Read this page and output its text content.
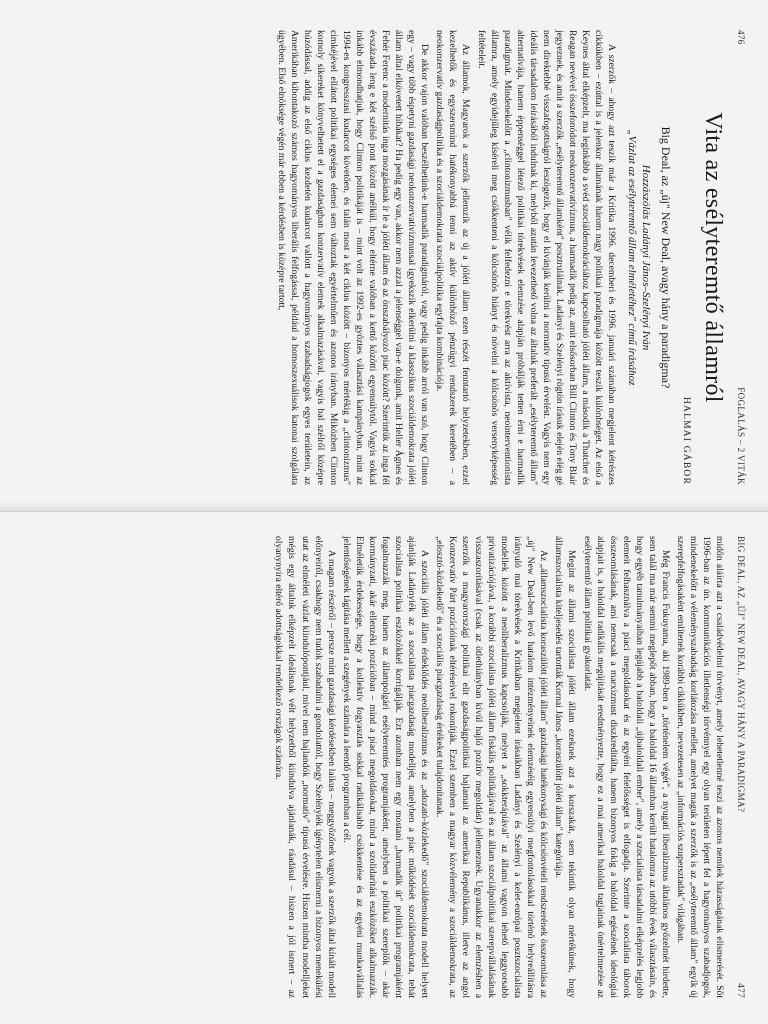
476
FOGLALÁS – 2 VITÁK
Vita az esélyteremtő államról
HALMAI GÁBOR
Big Deal, az „új" New Deal, avagy hány a paradigma?
Hozzászólás Ladányi János–Szelényi Iván
„Vázlat az esélyteremtő állam elméletéhez" című írásához

A szerzők – ahogy azt teszik már a Kritika 1996. decemberi és 1996. januári számában megjelent kétrészes cikkükben – ezúttal is a jelenkor államának három nagy politikai paradigmája között teszik különbséget. Az első a Keynes által elképzelt, ma leginkább a svéd szociáldemokráciához kapcsolható jóléti állam, a második a Thatcher és Reagan nevével összefonódott neokonzervativizmus, a harmadik pedig az, amit elsősorban Bill Clinton és Tony Blair jegyeznek, és amit a szerzők „esélyteremtő államként" posztrulálnak. Ladányi és Szelényi rögtön írásuk elején elég gé nem direktebbé visszafogottságról leszögezik, hogy el kívánják kerülni a normatív típusú érvelést. Vagyis nem egy ideális társadalom leírásából indulnak ki, melyből azután levezethető volna az általuk preferált „esélyteremtő állam" alternatívája, hanem éppenséggel létező politikai törekvések elemzése alapján próbálják tetten érni e harmadik paradigmát. Mindenekelőtt a „clintonizmusban" vélik felfedezni e törekvést arra az aktívista, neointerventionista államra, amely egyidejűleg kíséreli meg csökkenteni a kölcsönös hiányt és növelni a kölcsönös versenyképesség feltételeit.

Az államok, Magyarok a szerzők jellemzik az új a jóléti állam ezen részét fenntartó helyzetekben, ezzel kezelhetők és egyszersmind hatékonyabbá tenni az aktív különböző pénzügyi rendszerek keretében – a neokonzervatív gazdaságpolitika és a szociáldemokrata szociálpolitika egyfajta kombinációja.

De akkor vajon valóban beszélhetünk-e harmadik paradigmáról, vagy pedig inkább arról van szó, hogy Clinton egy – vagy több éspetyni gazdasági neokonzervativizmussal igyekszik elkerülni a klasszikus szociáldemokrata jóléti állam által elkövetett hibákat? Ha pedig egy van, akkor nem azzal a jelenséggel van-e dolgunk, amit Heller Ágnes és Fehér Ferenc a modernitás inga mozgásának ír le a jóléti állam és az önszabályozó piac között? Szerintük az inga fél évszázada leng e két szélső pont között anélkül, hogy eltérne valóban a kettő közötti egyensúlytól. Vagyis sokkal inkább elmondhatjuk, hogy Clinton politikáját is – mint volt az 1992-es győztes választási kampányban, mint az 1994-es kongresszusi kudarcot követően, és talán most a két ciklus között – bizonyos mértékig a „clintonizmus" cimkéjével ellátott politikai egységes elemei sem változtak egyértelműen és azonos irányban. Miközben Clinton komoly sikereket könyvelhetett el a gazdaságban konzervatív elemek alkalmazásával, vagyis bal szélről középre húzódással, addig az első ciklus kezdetén kudarcot vallott a hagyományos szabadságjogok egyes területein, az Amerikában kibontakozó számos hagyományos liberális felfogással, például a homoszexuálisok katonai szolgálata ügyében. Első elnöksége végén már ebben a kérdésben is középre tartott,

BIG DEAL, AZ „ÚJ" NEW DEAL, AVAGY HÁNY A PARADIGMA?
477

midőn aláírta azt a családvédelmi törvényt, amely lehetetlenné teszi az azonos neműek házasságának elismerését. Sőt 1996-ban az ún. kommunikációs illetlenségi törvénnyel egy olyan területen lépett fel a hagyományos szabadjogok, mindenekelőtt a véleményszabadság korlátozása mellett, amelyet maguk a szerzők is az „esélyteremtő állam" egyik új szerepfelfogásaként említenek korábbi cikkükben, nevezetesen az „információs szupersztadak" világában.

Még Francis Fukuyama, aki 1989-ben a „történelem végét", a nyugati liberalizmus általános győzelmét hirdette, sem talál ma már semmi meglepőt abban, hogy a baloldal 16 államban került hatalomra az utóbbi évek választásain, és hogy egyéb tanulmányaiban legújabb a baloldali „újbaloldali ember", amely a szocialista társadalmi elképzelés legjobb elemeit felhasználva a piaci megoldásokat és az egyéni felelősséget is elfogadja. Szerinte a szocialista táborok összeomlásának, ami nemcsak a marxizmust diszkreditálta, hanem bizonyos fokig a baloldal egészének ideológiai alapjait is, a baloldal radikális megújítását eredményezte, hogy ez a mai amerikai baloldal tagjainak önértelmezése az esélyteremtő állam politikai gyakorlatát.

Megint az állami szocialista jóléti állam ezeknek azt a korszakát, sem tekintik olyan mértékűnek, hogy államszocialista kiteljesedés tartották Kornai János „koraszülött jóléti állam" kategóriája.

Az „államszocialista koraszülött jóléti állam" gazdasági hatékonysági és kölcsönvételi rendszerének összeomlása az „új" New Deal-ben levő hatalom intézményeinek elemzéséig egyensúlyi megfontolásokkal történő helyreállításra irányuló mai törekvések a Kritikában megjelent írásaikban Ladányi és Szelényi a kelet-európai posztszocialista modellek között a neoliberalizmus kapcsolják, melyet a „sokkterápiával" az állami vagyon lehető leggyorsabb privatizációjával, a korábbi szocialista jóléti állam fiskális politikájával és az állam szociálpolitikai szerepvállalásának visszaszorításával (csak az ötlethiányban kívül hajló pozitív megoldást) jellemeznek. Ugyanakkor az elemzésben a szerzők a magyarországi politikai elit gazdaságpolitikai hajlamait az amerikai Republikánus, illetve az angol Konzervatív Párt pozícióinak eltéréseivel rokonítják. Ezzel szemben a magyar közvélemény a szociáldemokrata, az „elosztó-közlekedő" és a szociális piacgazdaság értékeket tulajdonítanak.

A szociális jóléti állam érdeklődés neoliberalizmus és az „adozató-közlekedő" szociáldemokrata modell helyett ajánlják Ladányiék az a szocialista piacgazdaság modelljét, amelyben a piac működését szociáldemokrata, tehát szocialista politikai eszközökkel korrigálják. Ezt azonban nem egy mostani „harmadik út" politikai programjaként fogalmazzák meg, hanem az állampolgári esélyteremtés programjaként, amelyben a politikai szereplők – akár kormányzati, akár ellenzéki pozícióban – mind a piaci megoldásokat, mind a szolidaritási eszközöket alkalmazzák. Elméletük érdekessége, hogy a kollektív fogyasztás sokkal radikálisabb csökkentése és az egyéni munkavállalás jelentőségének tágítása mellett a szegények számára a leendő programban a cél.

A magam részéről – persze mint gazdasági kérdésekben laikus – meggyőzőnek vagyok a szerzők által kínált modell előnyeiről, csakhogy nem tudok szabadulni a gondolattól, hogy Szelényiék igénytelen elismerni a bizonyos menekülési utat az elméleti vázlat kiindulópontjául, mivel nem hajlandók „normatív" típusú érvelésre. Hiszen mintha modelljeket mégis egy általuk elképzelt ideálisnak vélt helyzetből kiindulva ajánlanák, ráadásul – hiszen a jól ismert – az olyanynyira eltérő adottságokkal rendelkező országok számára.
